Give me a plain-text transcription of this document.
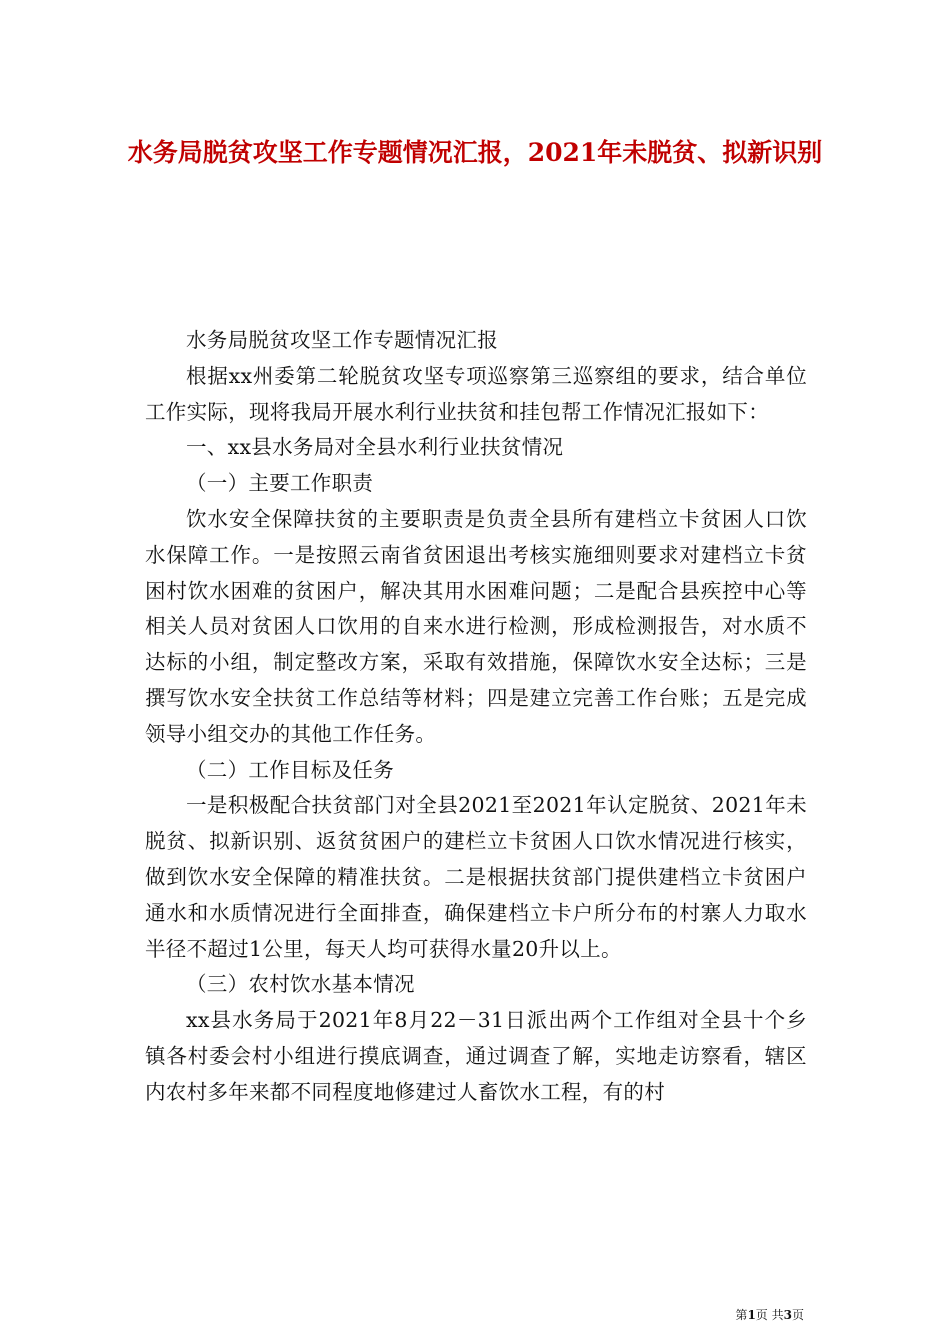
水务局脱贫攻坚工作专题情况汇报，2021年未脱贫、拟新识别

水务局脱贫攻坚工作专题情况汇报

根据xx州委第二轮脱贫攻坚专项巡察第三巡察组的要求，结合单位工作实际，现将我局开展水利行业扶贫和挂包帮工作情况汇报如下：

一、xx县水务局对全县水利行业扶贫情况

（一）主要工作职责

饮水安全保障扶贫的主要职责是负责全县所有建档立卡贫困人口饮水保障工作。一是按照云南省贫困退出考核实施细则要求对建档立卡贫困村饮水困难的贫困户，解决其用水困难问题；二是配合县疾控中心等相关人员对贫困人口饮用的自来水进行检测，形成检测报告，对水质不达标的小组，制定整改方案，采取有效措施，保障饮水安全达标；三是撰写饮水安全扶贫工作总结等材料；四是建立完善工作台账；五是完成领导小组交办的其他工作任务。

（二）工作目标及任务

一是积极配合扶贫部门对全县2021至2021年认定脱贫、2021年未脱贫、拟新识别、返贫贫困户的建栏立卡贫困人口饮水情况进行核实，做到饮水安全保障的精准扶贫。二是根据扶贫部门提供建档立卡贫困户通水和水质情况进行全面排查，确保建档立卡户所分布的村寨人力取水半径不超过1公里，每天人均可获得水量20升以上。

（三）农村饮水基本情况

xx县水务局于2021年8月22－31日派出两个工作组对全县十个乡镇各村委会村小组进行摸底调查，通过调查了解，实地走访察看，辖区内农村多年来都不同程度地修建过人畜饮水工程，有的村

第1页 共3页
